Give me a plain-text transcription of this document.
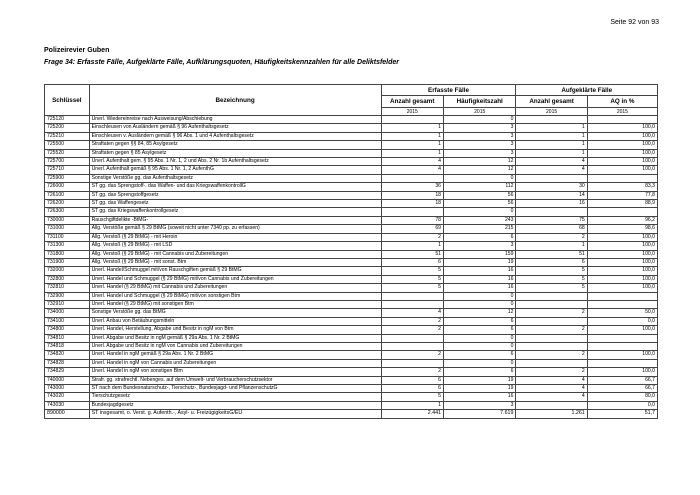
Seite 92 von 93
Polizeirevier Guben
Frage 34: Erfasste Fälle, Aufgeklärte Fälle, Aufklärungsquoten, Häufigkeitskennzahlen für alle Deliktsfelder
Schlüssel	Bezeichnung	Erfasste Fälle		Aufgeklärte Fälle	
		Anzahl gesamt	Häufigkeitszahl	Anzahl gesamt	AQ in %
		2015	2015	2015	2015
725120	Unerl. Wiedereinreise nach Ausweisung/Abschiebung		0		
725200	Einschleusen von Ausländern gemäß § 96 Aufenthaltsgesetz	1	3	1	100,0
725210	Einschleusen v. Ausländern gemäß § 96 Abs. 1 und 4 Aufenthaltsgesetz	1	3	1	100,0
725500	Straftaten gegen §§ 84, 85 Asylgesetz	1	3	1	100,0
725520	Straftaten gegen § 85 Asylgesetz	1	3	1	100,0
725700	Unerl. Aufenthalt gem. § 95 Abs. 1 Nr. 1, 2 und Abs. 2 Nr. 1b Aufenthaltsgesetz	4	12	4	100,0
725710	Unerl. Aufenthalt gemäß § 95 Abs. 1 Nr. 1, 2 AufenthG	4	12	4	100,0
725900	Sonstige Verstöße gg. das Aufenthaltsgesetz		0		
726000	ST gg. das Sprengstoff-, das Waffen- und das KriegswaffenkontrollG	36	112	30	83,3
726100	ST gg. das Sprengstoffgesetz	18	56	14	77,8
726200	ST gg. das Waffengesetz	18	56	16	88,9
726300	ST gg. das Kriegswaffenkontrollgesetz		0		
730000	Rauschgiftdelikte -BtMG-	78	243	75	96,2
731000	Allg. Verstöße gemäß § 29 BtMG (soweit nicht unter 7340 pp. zu erfassen)	69	215	68	98,6
731100	Allg. Verstoß (§ 29 BtMG) - mit Heroin	2	6	2	100,0
731300	Allg. Verstoß (§ 29 BtMG) - mit LSD	1	3	1	100,0
731800	Allg. Verstoß (§ 29 BtMG) - mit Cannabis und Zubereitungen	51	159	51	100,0
731900	Allg. Verstoß (§ 29 BtMG) - mit sonst. Btm	6	19	6	100,0
732000	Unerl. Handel/Schmuggel mit/von Rauschgiften gemäß § 29 BtMG	5	16	5	100,0
732800	Unerl. Handel und Schmuggel (§ 29 BtMG) mit/von Cannabis und Zubereitungen	5	16	5	100,0
732810	Unerl. Handel (§ 29 BtMG) mit Cannabis und Zubereitungen	5	16	5	100,0
732900	Unerl. Handel und Schmuggel (§ 29 BtMG) mit/von sonstigen Btm		0		
732910	Unerl. Handel (§ 29 BtMG) mit sonstigen Btm		0		
734000	Sonstige Verstöße gg. das BtMG	4	12	2	50,0
734100	Unerl. Anbau von Betäubungsmitteln	2	6		0,0
734800	Unerl. Handel, Herstellung, Abgabe und Besitz in ngM von Btm	2	6	2	100,0
734810	Unerl. Abgabe und Besitz in ngM gemäß § 29a Abs. 1 Nr. 2 BtMG		0		
734818	Unerl. Abgabe und Besitz in ngM von Cannabis und Zubereitungen		0		
734820	Unerl. Handel in ngM gemäß § 29a Abs. 1 Nr. 2 BtMG	2	6	2	100,0
734828	Unerl. Handel in ngM von Cannabis und Zubereitungen		0		
734829	Unerl. Handel in ngM von sonstigen Btm	2	6	2	100,0
740000	Strafr. gg. strafrechtl. Nebenges. auf dem Umwelt- und Verbraucherschutzsektor	6	19	4	66,7
743000	ST nach dem Bundesnaturschutz-, Tierschutz-, Bundesjagd- und PflanzenschutzG	6	19	4	66,7
743020	Tierschutzgesetz	5	16	4	80,0
743030	Bundesjagdgesetz	1	3		0,0
890000	ST insgesamt, o. Verst. g. Aufenth.-, Asyl- u. FreizügigkeitsG/EU	2.441	7.619	1.261	51,7
